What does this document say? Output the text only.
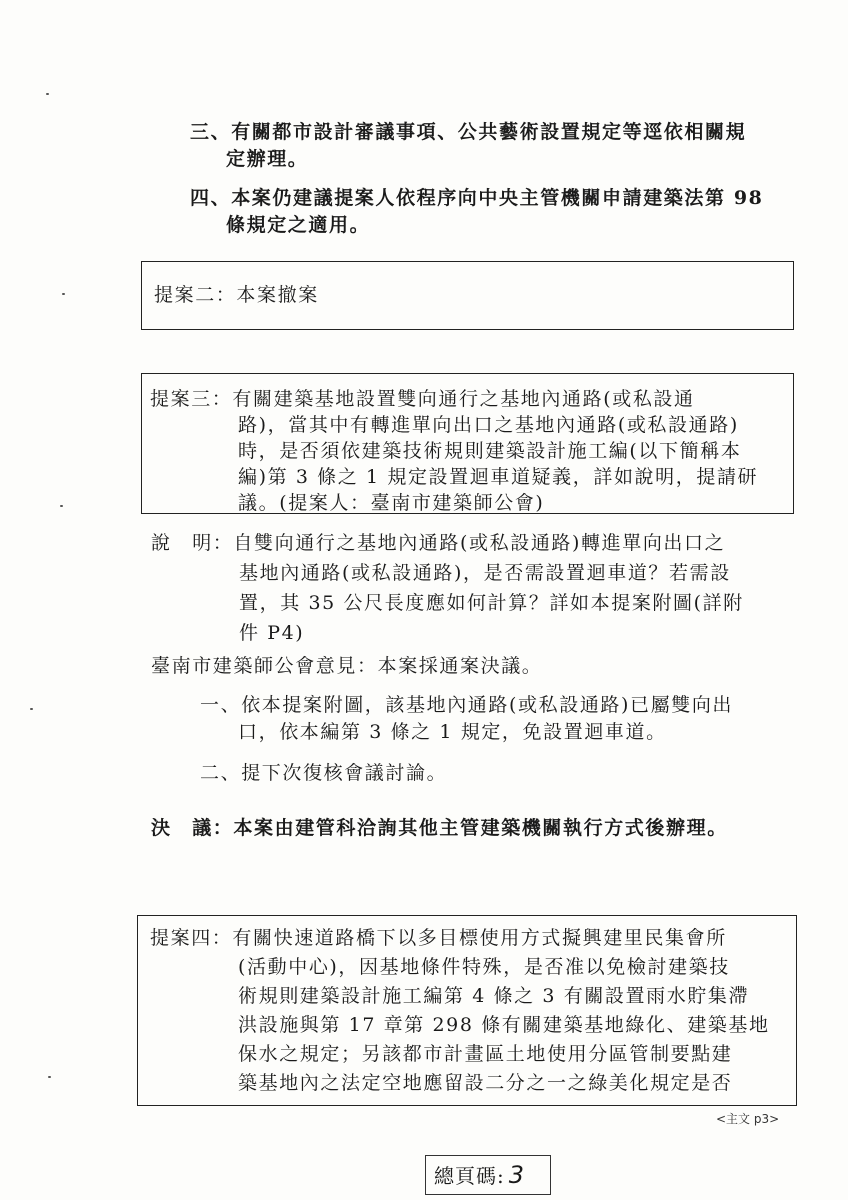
三、有關都市設計審議事項、公共藝術設置規定等逕依相關規
定辦理。
四、本案仍建議提案人依程序向中央主管機關申請建築法第 98
條規定之適用。
提案二：本案撤案
提案三：有關建築基地設置雙向通行之基地內通路(或私設通
路)，當其中有轉進單向出口之基地內通路(或私設通路)
時，是否須依建築技術規則建築設計施工編(以下簡稱本
編)第 3 條之 1 規定設置迴車道疑義，詳如說明，提請研
議。(提案人：臺南市建築師公會)
說　明：自雙向通行之基地內通路(或私設通路)轉進單向出口之
基地內通路(或私設通路)，是否需設置迴車道？若需設
置，其 35 公尺長度應如何計算？詳如本提案附圖(詳附
件 P4)
臺南市建築師公會意見：本案採通案決議。
一、依本提案附圖，該基地內通路(或私設通路)已屬雙向出
口，依本編第 3 條之 1 規定，免設置迴車道。
二、提下次復核會議討論。
決　議：本案由建管科洽詢其他主管建築機關執行方式後辦理。
提案四：有關快速道路橋下以多目標使用方式擬興建里民集會所
(活動中心)，因基地條件特殊，是否准以免檢討建築技
術規則建築設計施工編第 4 條之 3 有關設置雨水貯集滯
洪設施與第 17 章第 298 條有關建築基地綠化、建築基地
保水之規定；另該都市計畫區土地使用分區管制要點建
築基地內之法定空地應留設二分之一之綠美化規定是否
<主文 p3>
總頁碼: 3
